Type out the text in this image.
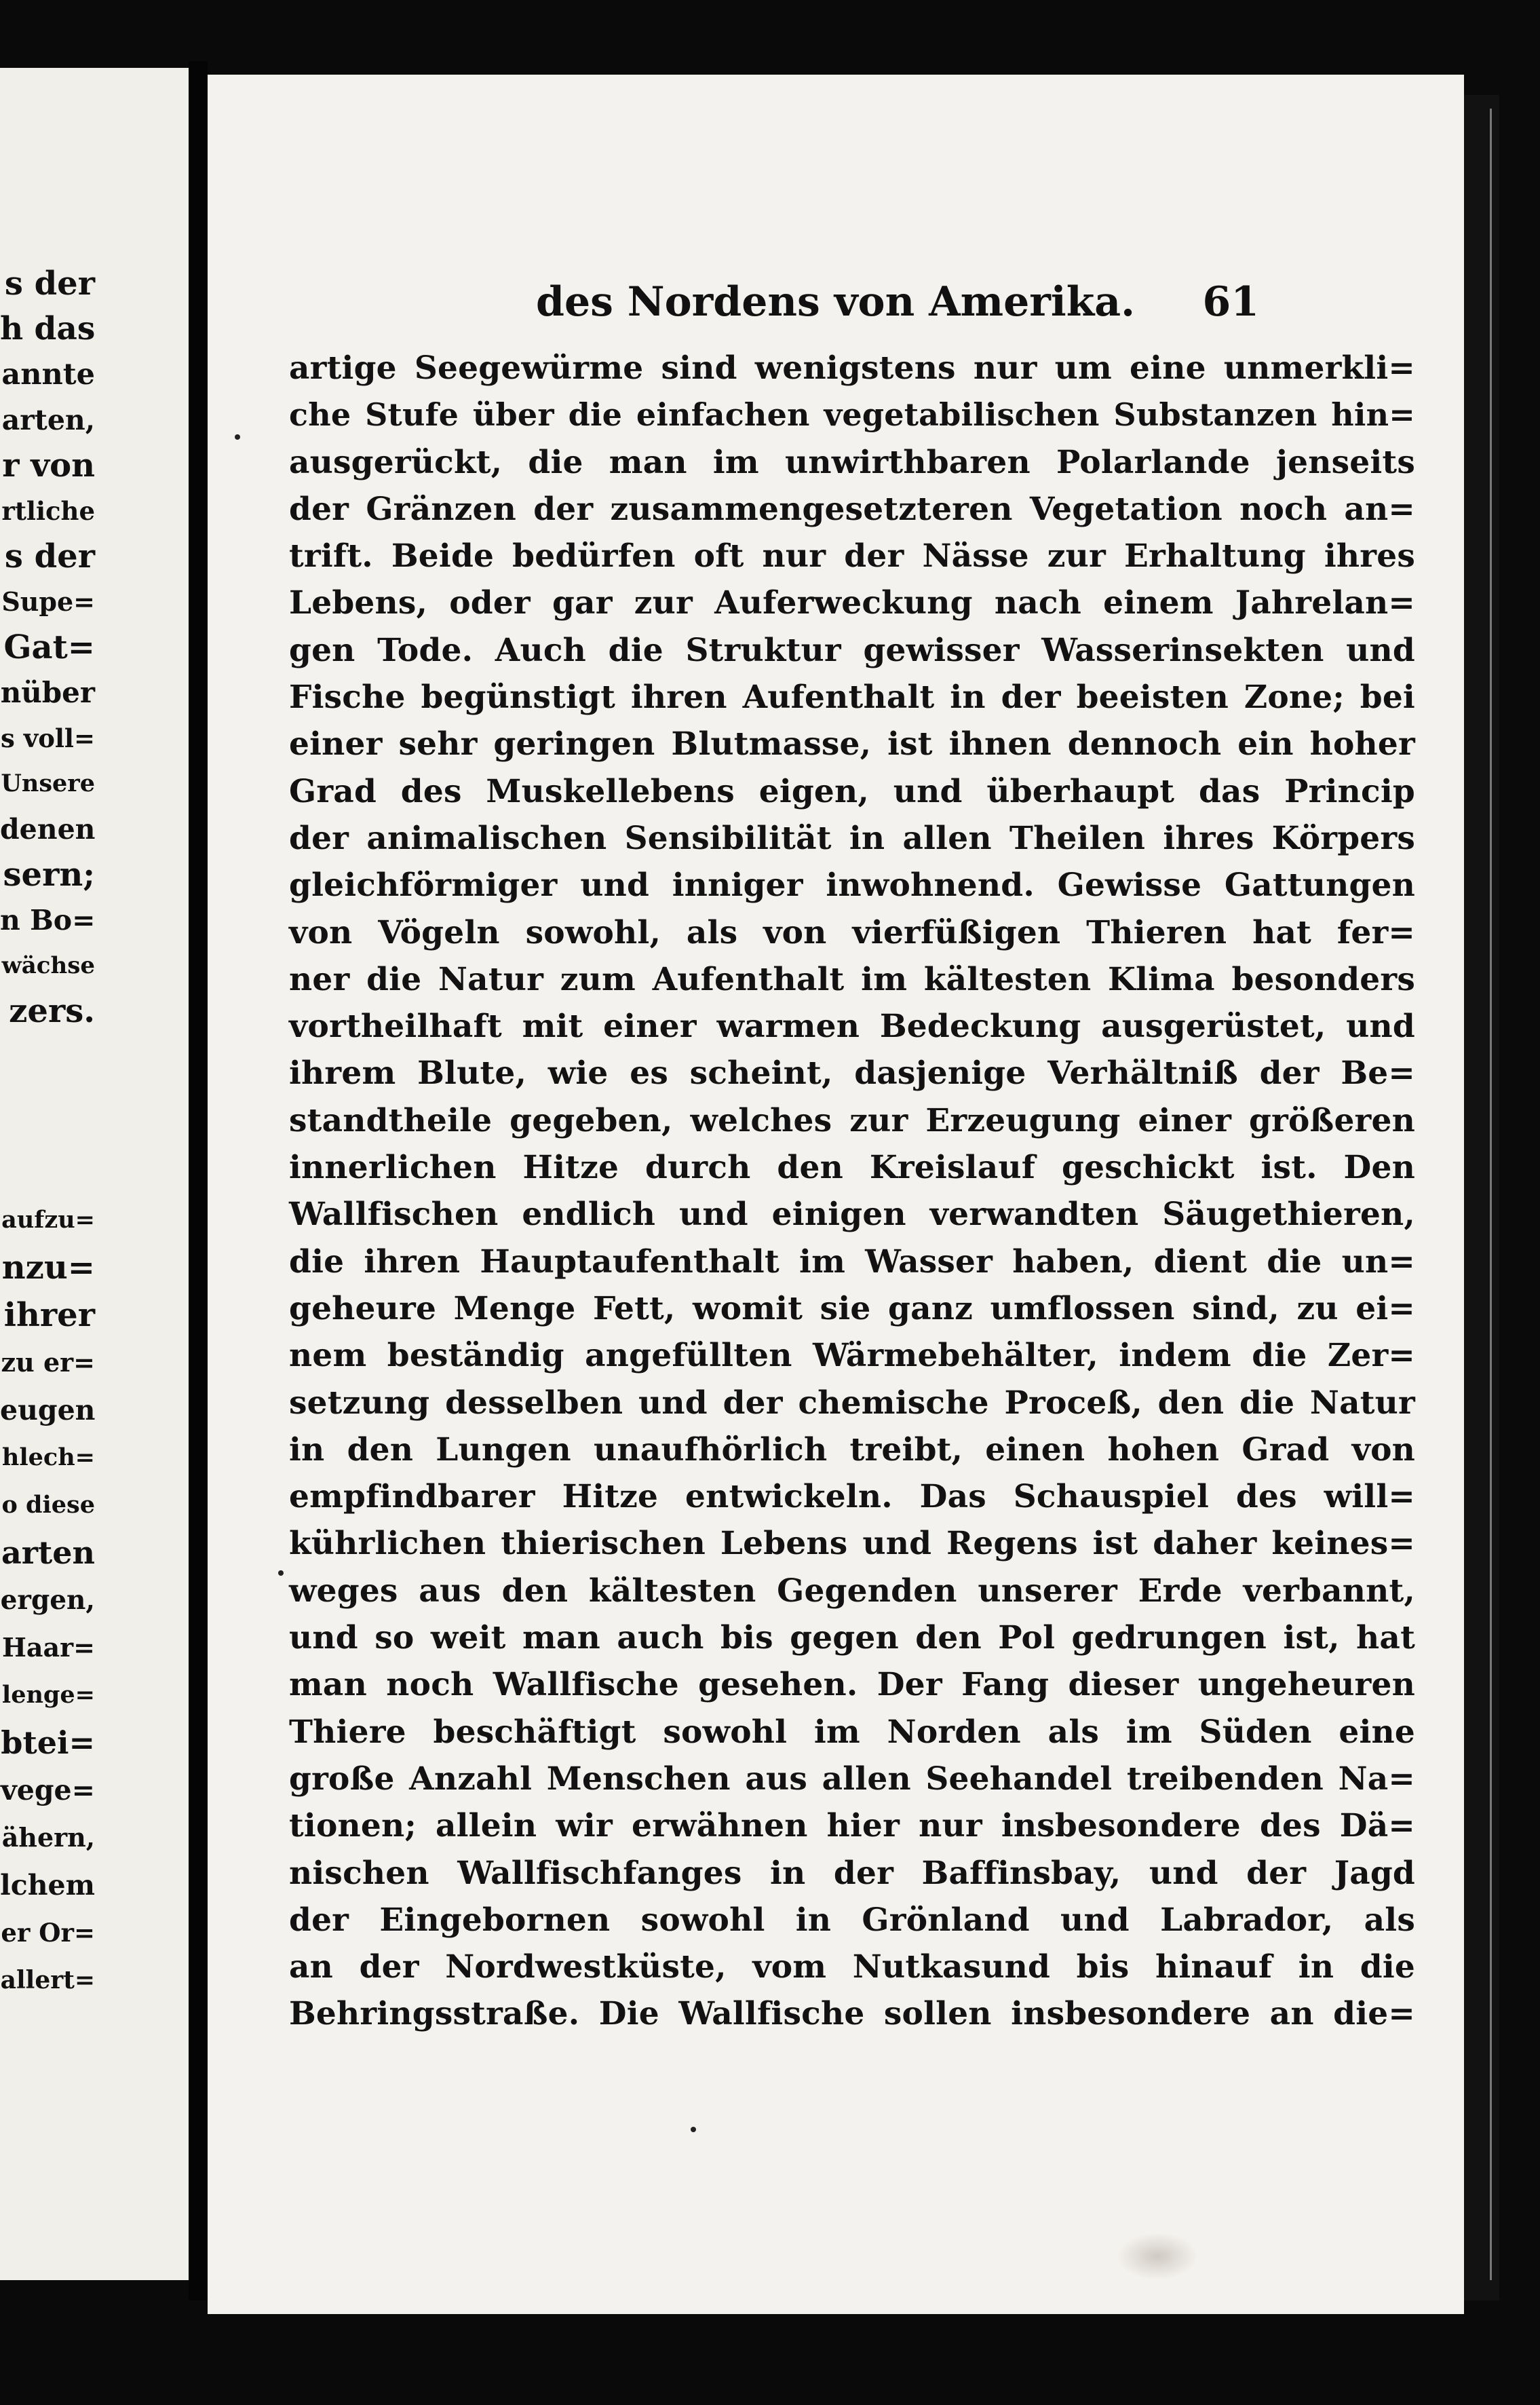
s der
h das
annte
arten,
r von
rtliche
s der
Supe=
Gat=
nüber
s voll=
Unsere
denen
sern;
n Bo=
wächse
zers.
aufzu=
nzu=
ihrer
zu er=
eugen
hlech=
o diese
arten
ergen,
Haar=
lenge=
btei=
vege=
ähern,
lchem
er Or=
allert=
des Nordens von Amerika.	61
artige Seegewürme sind wenigstens nur um eine unmerkli=
che Stufe über die einfachen vegetabilischen Substanzen hin=
ausgerückt, die man im unwirthbaren Polarlande jenseits
der Gränzen der zusammengesetzteren Vegetation noch an=
trift. Beide bedürfen oft nur der Nässe zur Erhaltung ihres
Lebens, oder gar zur Auferweckung nach einem Jahrelan=
gen Tode. Auch die Struktur gewisser Wasserinsekten und
Fische begünstigt ihren Aufenthalt in der beeisten Zone; bei
einer sehr geringen Blutmasse, ist ihnen dennoch ein hoher
Grad des Muskellebens eigen, und überhaupt das Princip
der animalischen Sensibilität in allen Theilen ihres Körpers
gleichförmiger und inniger inwohnend. Gewisse Gattungen
von Vögeln sowohl, als von vierfüßigen Thieren hat fer=
ner die Natur zum Aufenthalt im kältesten Klima besonders
vortheilhaft mit einer warmen Bedeckung ausgerüstet, und
ihrem Blute, wie es scheint, dasjenige Verhältniß der Be=
standtheile gegeben, welches zur Erzeugung einer größeren
innerlichen Hitze durch den Kreislauf geschickt ist. Den
Wallfischen endlich und einigen verwandten Säugethieren,
die ihren Hauptaufenthalt im Wasser haben, dient die un=
geheure Menge Fett, womit sie ganz umflossen sind, zu ei=
nem beständig angefüllten Wärmebehälter, indem die Zer=
setzung desselben und der chemische Proceß, den die Natur
in den Lungen unaufhörlich treibt, einen hohen Grad von
empfindbarer Hitze entwickeln. Das Schauspiel des will=
kührlichen thierischen Lebens und Regens ist daher keines=
weges aus den kältesten Gegenden unserer Erde verbannt,
und so weit man auch bis gegen den Pol gedrungen ist, hat
man noch Wallfische gesehen. Der Fang dieser ungeheuren
Thiere beschäftigt sowohl im Norden als im Süden eine
große Anzahl Menschen aus allen Seehandel treibenden Na=
tionen; allein wir erwähnen hier nur insbesondere des Dä=
nischen Wallfischfanges in der Baffinsbay, und der Jagd
der Eingebornen sowohl in Grönland und Labrador, als
an der Nordwestküste, vom Nutkasund bis hinauf in die
Behringsstraße. Die Wallfische sollen insbesondere an die=
